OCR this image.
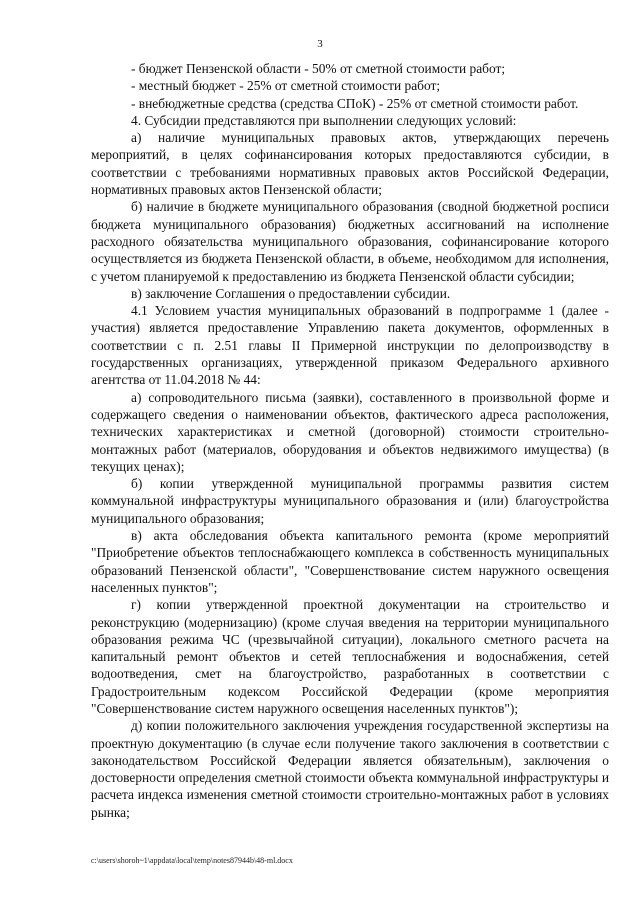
3

- бюджет Пензенской области - 50% от сметной стоимости работ;

- местный бюджет - 25% от сметной стоимости работ;

- внебюджетные средства (средства СПоК) - 25% от сметной стоимости работ.

4. Субсидии представляются при выполнении следующих условий:

а) наличие муниципальных правовых актов, утверждающих перечень мероприятий, в целях софинансирования которых предоставляются субсидии, в соответствии с требованиями нормативных правовых актов Российской Федерации, нормативных правовых актов Пензенской области;

б) наличие в бюджете муниципального образования (сводной бюджетной росписи бюджета муниципального образования) бюджетных ассигнований на исполнение расходного обязательства муниципального образования, софинансирование которого осуществляется из бюджета Пензенской области, в объеме, необходимом для исполнения, с учетом планируемой к предоставлению из бюджета Пензенской области субсидии;

в) заключение Соглашения о предоставлении субсидии.

4.1 Условием участия муниципальных образований в подпрограмме 1 (далее - участия) является предоставление Управлению пакета документов, оформленных в соответствии с п. 2.51 главы II Примерной инструкции по делопроизводству в государственных организациях, утвержденной приказом Федерального архивного агентства от 11.04.2018 № 44:

а) сопроводительного письма (заявки), составленного в произвольной форме и содержащего сведения о наименовании объектов, фактического адреса расположения, технических характеристиках и сметной (договорной) стоимости строительно-монтажных работ (материалов, оборудования и объектов недвижимого имущества) (в текущих ценах);

б) копии утвержденной муниципальной программы развития систем коммунальной инфраструктуры муниципального образования и (или) благоустройства муниципального образования;

в) акта обследования объекта капитального ремонта (кроме мероприятий "Приобретение объектов теплоснабжающего комплекса в собственность муниципальных образований Пензенской области", "Совершенствование систем наружного освещения населенных пунктов";

г) копии утвержденной проектной документации на строительство и реконструкцию (модернизацию) (кроме случая введения на территории муниципального образования режима ЧС (чрезвычайной ситуации), локального сметного расчета на капитальный ремонт объектов и сетей теплоснабжения и водоснабжения, сетей водоотведения, смет на благоустройство, разработанных в соответствии с Градостроительным кодексом Российской Федерации (кроме мероприятия "Совершенствование систем наружного освещения населенных пунктов");

д) копии положительного заключения учреждения государственной экспертизы на проектную документацию (в случае если получение такого заключения в соответствии с законодательством Российской Федерации является обязательным), заключения о достоверности определения сметной стоимости объекта коммунальной инфраструктуры и расчета индекса изменения сметной стоимости строительно-монтажных работ в условиях рынка;

c:\users\shoroh~1\appdata\local\temp\notes87944b\48-ml.docx
